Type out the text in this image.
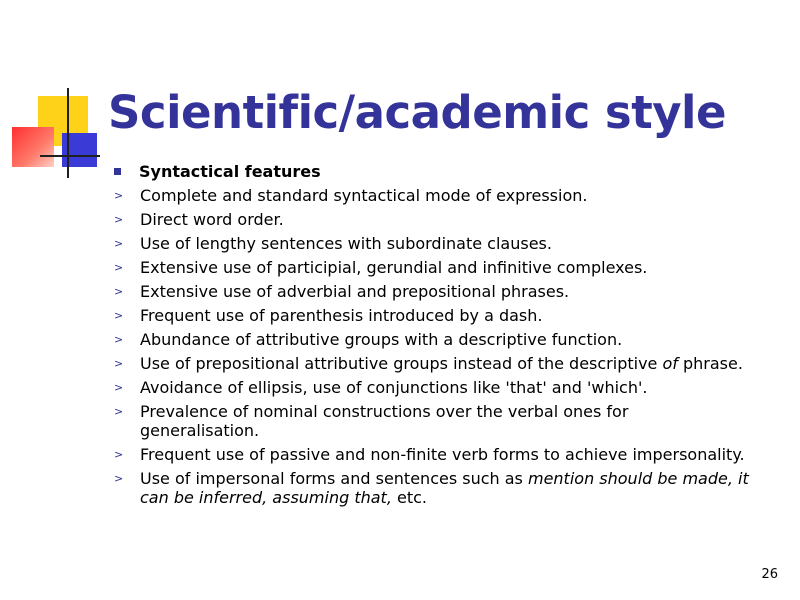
Scientific/academic style
Syntactical features
>	Complete and standard syntactical mode of expression.
>	Direct word order.
>	Use of lengthy sentences with subordinate clauses.
>	Extensive use of participial, gerundial and infinitive complexes.
>	Extensive use of adverbial and prepositional phrases.
>	Frequent use of parenthesis introduced by a dash.
>	Abundance of attributive groups with a descriptive function.
>	Use of prepositional attributive groups instead of the descriptive of phrase.
>	Avoidance of ellipsis, use of conjunctions like 'that' and 'which'.
>	Prevalence of nominal constructions over the verbal ones for generalisation.
>	Frequent use of passive and non-finite verb forms to achieve impersonality.
>	Use of impersonal forms and sentences such as mention should be made, it can be inferred, assuming that, etc.
26
